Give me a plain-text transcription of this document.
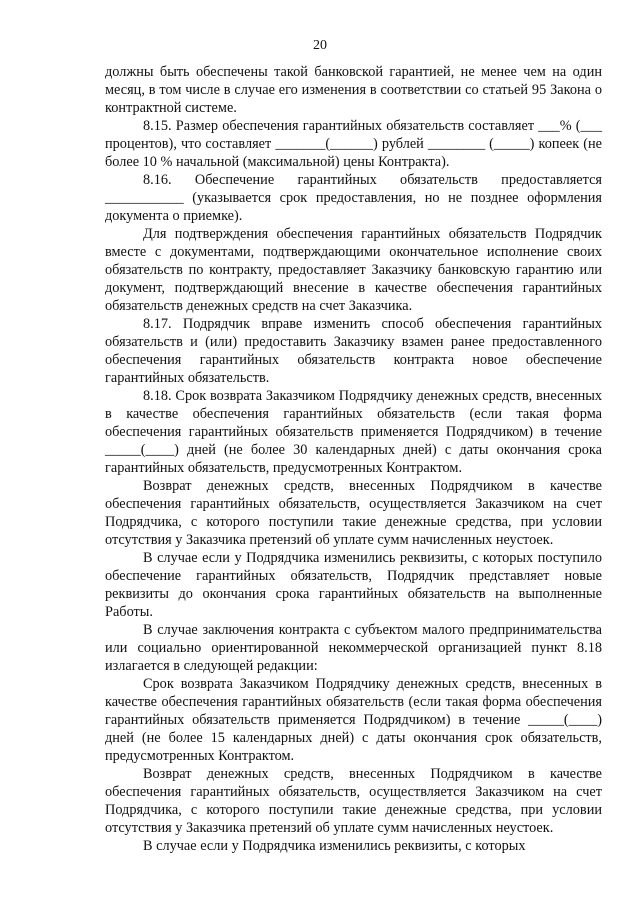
20

должны быть обеспечены такой банковской гарантией, не менее чем на один месяц, в том числе в случае его изменения в соответствии со статьей 95 Закона о контрактной системе.

8.15. Размер обеспечения гарантийных обязательств составляет ___% (___ процентов), что составляет _______(______) рублей ________ (_____) копеек (не более 10 % начальной (максимальной) цены Контракта).

8.16. Обеспечение гарантийных обязательств предоставляется ___________ (указывается срок предоставления, но не позднее оформления документа о приемке).

Для подтверждения обеспечения гарантийных обязательств Подрядчик вместе с документами, подтверждающими окончательное исполнение своих обязательств по контракту, предоставляет Заказчику банковскую гарантию или документ, подтверждающий внесение в качестве обеспечения гарантийных обязательств денежных средств на счет Заказчика.

8.17. Подрядчик вправе изменить способ обеспечения гарантийных обязательств и (или) предоставить Заказчику взамен ранее предоставленного обеспечения гарантийных обязательств контракта новое обеспечение гарантийных обязательств.

8.18. Срок возврата Заказчиком Подрядчику денежных средств, внесенных в качестве обеспечения гарантийных обязательств (если такая форма обеспечения гарантийных обязательств применяется Подрядчиком) в течение _____(____) дней (не более 30 календарных дней) с даты окончания срока гарантийных обязательств, предусмотренных Контрактом.

Возврат денежных средств, внесенных Подрядчиком в качестве обеспечения гарантийных обязательств, осуществляется Заказчиком на счет Подрядчика, с которого поступили такие денежные средства, при условии отсутствия у Заказчика претензий об уплате сумм начисленных неустоек.

В случае если у Подрядчика изменились реквизиты, с которых поступило обеспечение гарантийных обязательств, Подрядчик представляет новые реквизиты до окончания срока гарантийных обязательств на выполненные Работы.

В случае заключения контракта с субъектом малого предпринимательства или социально ориентированной некоммерческой организацией пункт 8.18 излагается в следующей редакции:

Срок возврата Заказчиком Подрядчику денежных средств, внесенных в качестве обеспечения гарантийных обязательств (если такая форма обеспечения гарантийных обязательств применяется Подрядчиком) в течение _____(____) дней (не более 15 календарных дней) с даты окончания срок обязательств, предусмотренных Контрактом.

Возврат денежных средств, внесенных Подрядчиком в качестве обеспечения гарантийных обязательств, осуществляется Заказчиком на счет Подрядчика, с которого поступили такие денежные средства, при условии отсутствия у Заказчика претензий об уплате сумм начисленных неустоек.

В случае если у Подрядчика изменились реквизиты, с которых
